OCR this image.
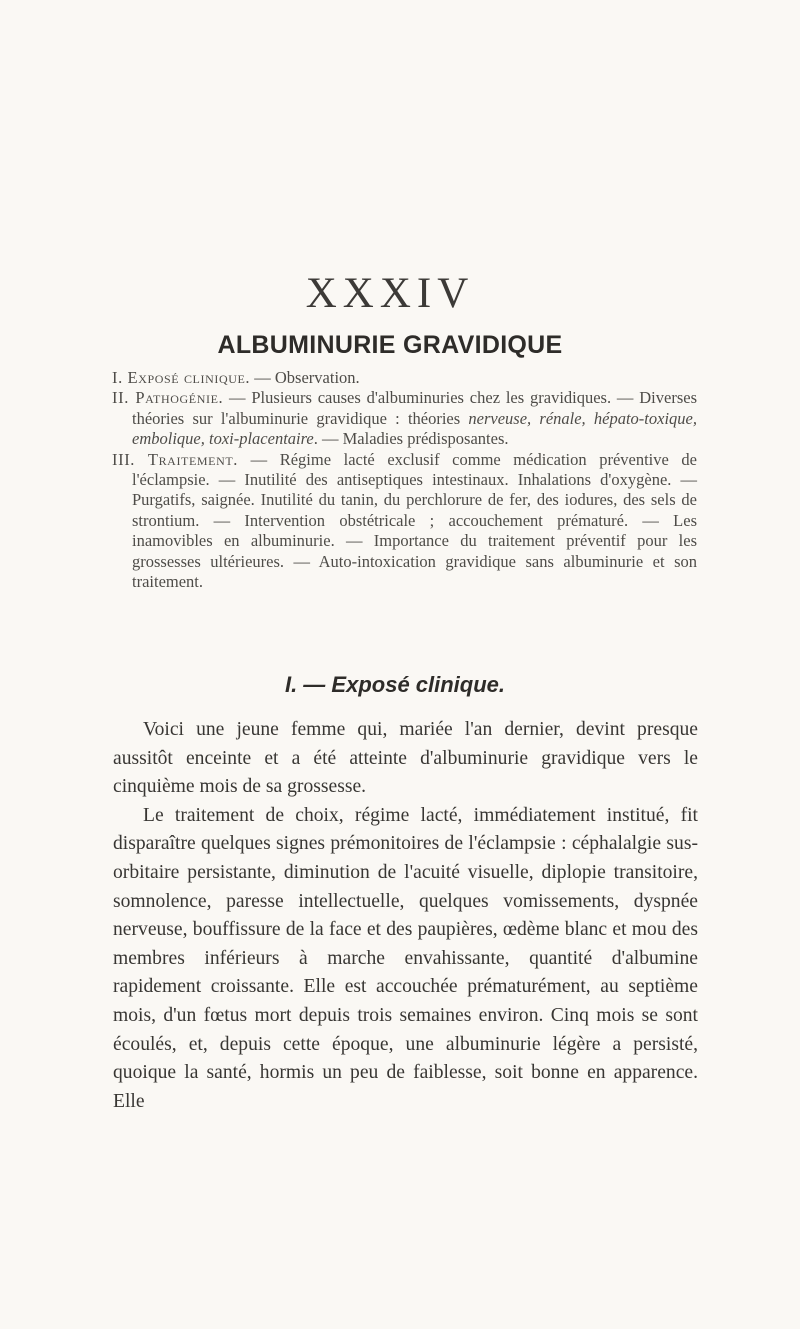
XXXIV
ALBUMINURIE GRAVIDIQUE

I. Exposé clinique. — Observation.

II. Pathogénie. — Plusieurs causes d'albuminuries chez les gravidiques. — Diverses théories sur l'albuminurie gravidique : théories nerveuse, rénale, hépato-toxique, embolique, toxi-placentaire. — Maladies prédisposantes.

III. Traitement. — Régime lacté exclusif comme médication préventive de l'éclampsie. — Inutilité des antiseptiques intestinaux. Inhalations d'oxygène. — Purgatifs, saignée. Inutilité du tanin, du perchlorure de fer, des iodures, des sels de strontium. — Intervention obstétricale ; accouchement prématuré. — Les inamovibles en albuminurie. — Importance du traitement préventif pour les grossesses ultérieures. — Auto-intoxication gravidique sans albuminurie et son traitement.

I. — Exposé clinique.

Voici une jeune femme qui, mariée l'an dernier, devint presque aussitôt enceinte et a été atteinte d'albuminurie gravidique vers le cinquième mois de sa grossesse.

Le traitement de choix, régime lacté, immédiatement institué, fit disparaître quelques signes prémonitoires de l'éclampsie : céphalalgie sus-orbitaire persistante, diminution de l'acuité visuelle, diplopie transitoire, somnolence, paresse intellectuelle, quelques vomissements, dyspnée nerveuse, bouffissure de la face et des paupières, œdème blanc et mou des membres inférieurs à marche envahissante, quantité d'albumine rapidement croissante. Elle est accouchée prématurément, au septième mois, d'un fœtus mort depuis trois semaines environ. Cinq mois se sont écoulés, et, depuis cette époque, une albuminurie légère a persisté, quoique la santé, hormis un peu de faiblesse, soit bonne en apparence. Elle
